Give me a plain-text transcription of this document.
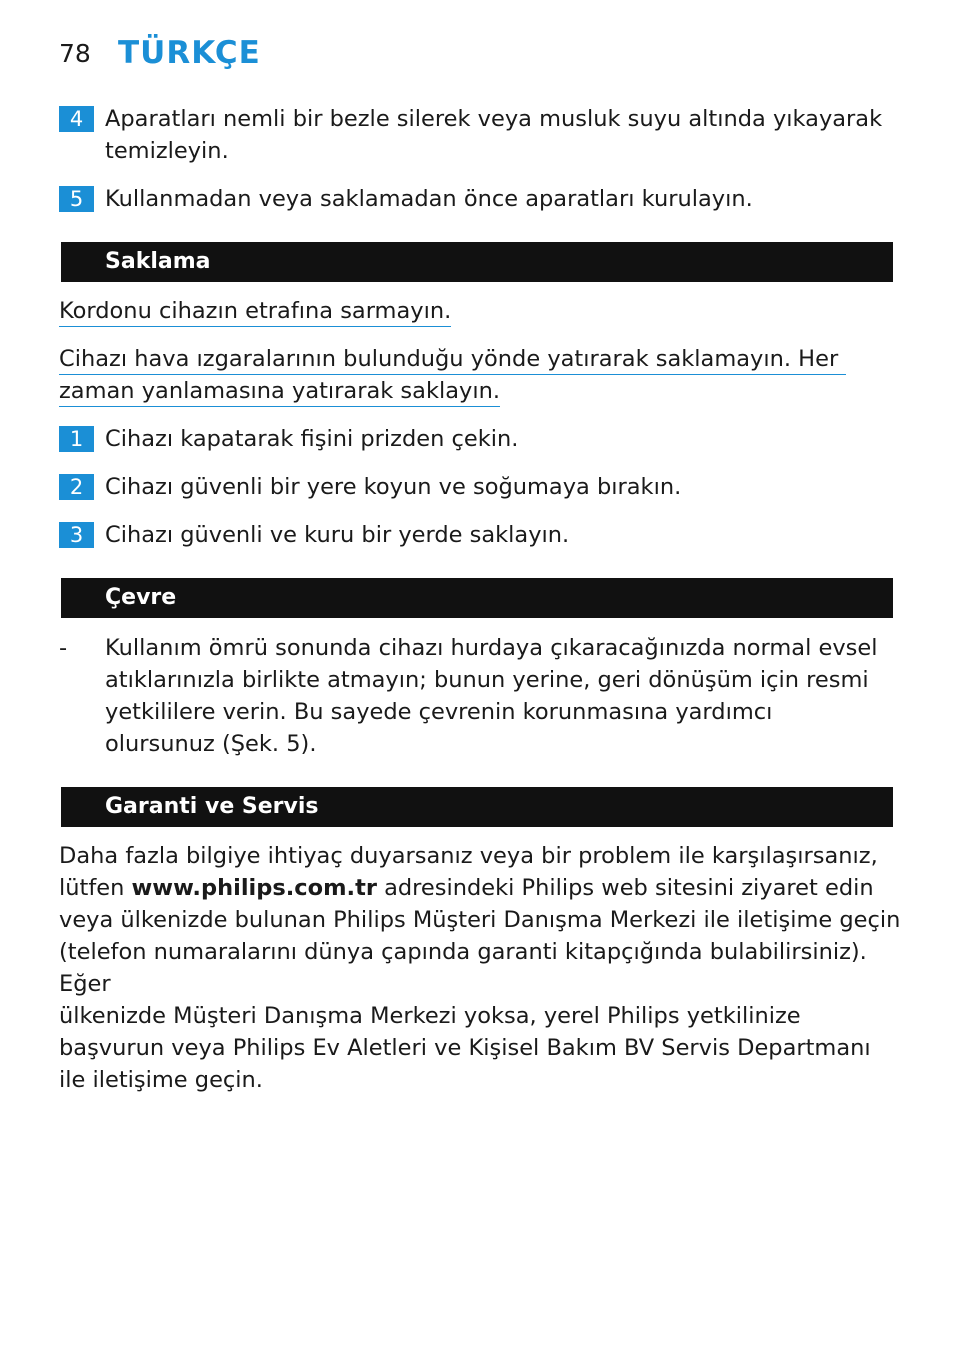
78 TÜRKÇE
4 Aparatları nemli bir bezle silerek veya musluk suyu altında yıkayarak
temizleyin.
5 Kullanmadan veya saklamadan önce aparatları kurulayın.
Saklama
Kordonu cihazın etrafına sarmayın.
Cihazı hava ızgaralarının bulunduğu yönde yatırarak saklamayın. Her
zaman yanlamasına yatırarak saklayın.
1 Cihazı kapatarak fişini prizden çekin.
2 Cihazı güvenli bir yere koyun ve soğumaya bırakın.
3 Cihazı güvenli ve kuru bir yerde saklayın.
Çevre
- Kullanım ömrü sonunda cihazı hurdaya çıkaracağınızda normal evsel
atıklarınızla birlikte atmayın; bunun yerine, geri dönüşüm için resmi
yetkililere verin. Bu sayede çevrenin korunmasına yardımcı
olursunuz (Şek. 5).
Garanti ve Servis
Daha fazla bilgiye ihtiyaç duyarsanız veya bir problem ile karşılaşırsanız,
lütfen www.philips.com.tr adresindeki Philips web sitesini ziyaret edin
veya ülkenizde bulunan Philips Müşteri Danışma Merkezi ile iletişime geçin
(telefon numaralarını dünya çapında garanti kitapçığında bulabilirsiniz). Eğer
ülkenizde Müşteri Danışma Merkezi yoksa, yerel Philips yetkilinize
başvurun veya Philips Ev Aletleri ve Kişisel Bakım BV Servis Departmanı
ile iletişime geçin.
